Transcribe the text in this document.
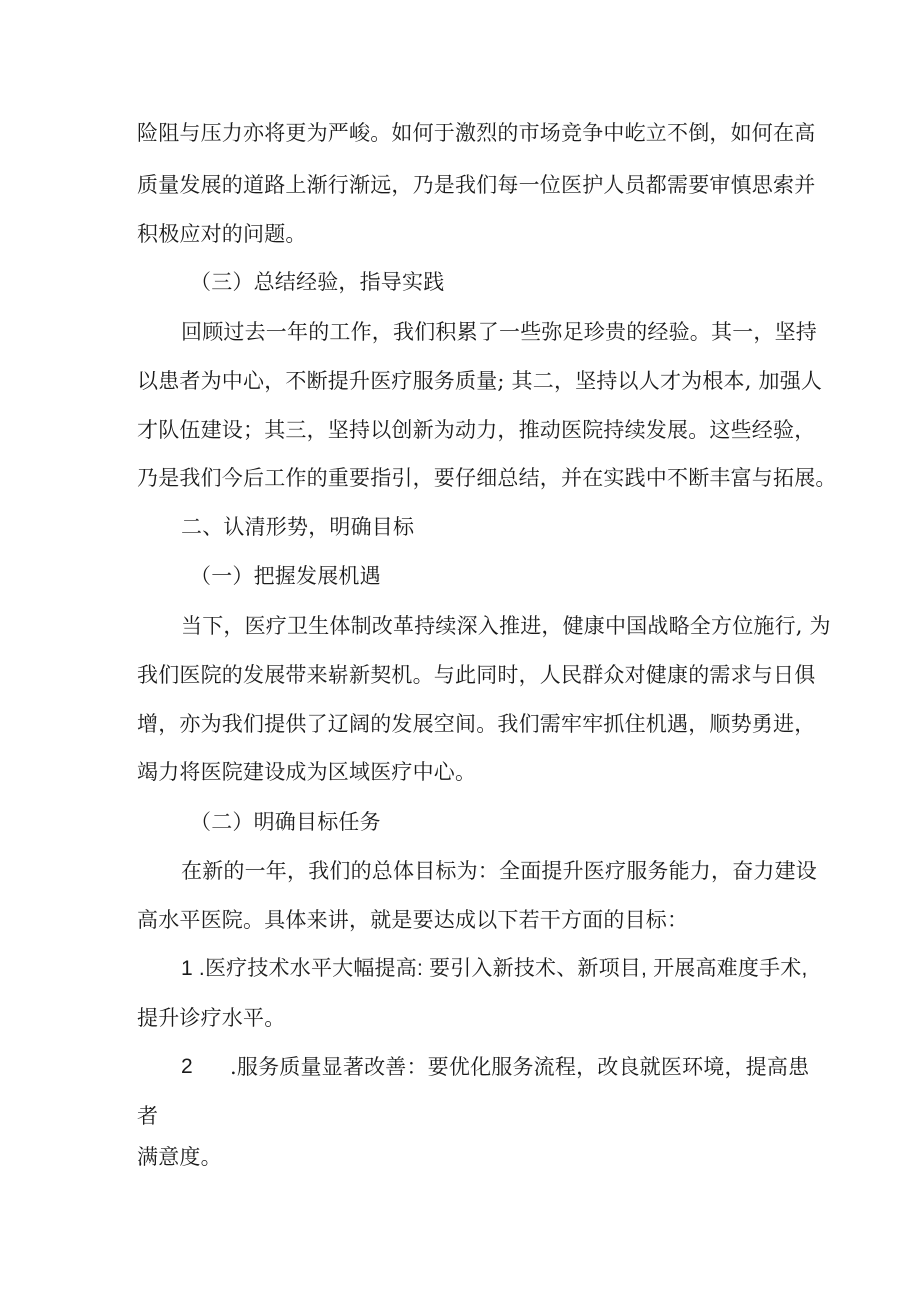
险阻与压力亦将更为严峻。如何于激烈的市场竞争中屹立不倒，如何在高
质量发展的道路上渐行渐远，乃是我们每一位医护人员都需要审慎思索并
积极应对的问题。
（三）总结经验，指导实践
回顾过去一年的工作，我们积累了一些弥足珍贵的经验。其一，坚持
以患者为中心，不断提升医疗服务质量; 其二，坚持以人才为根本, 加强人
才队伍建设；其三，坚持以创新为动力，推动医院持续发展。这些经验，
乃是我们今后工作的重要指引，要仔细总结，并在实践中不断丰富与拓展。
二、认清形势，明确目标
（一）把握发展机遇
当下，医疗卫生体制改革持续深入推进，健康中国战略全方位施行, 为
我们医院的发展带来崭新契机。与此同时，人民群众对健康的需求与日俱
增，亦为我们提供了辽阔的发展空间。我们需牢牢抓住机遇，顺势勇进，
竭力将医院建设成为区域医疗中心。
（二）明确目标任务
在新的一年，我们的总体目标为：全面提升医疗服务能力，奋力建设
高水平医院。具体来讲，就是要达成以下若干方面的目标：
1 .医疗技术水平大幅提高: 要引入新技术、新项目, 开展高难度手术,
提升诊疗水平。
2 .服务质量显著改善：要优化服务流程，改良就医环境，提高患
者
满意度。
